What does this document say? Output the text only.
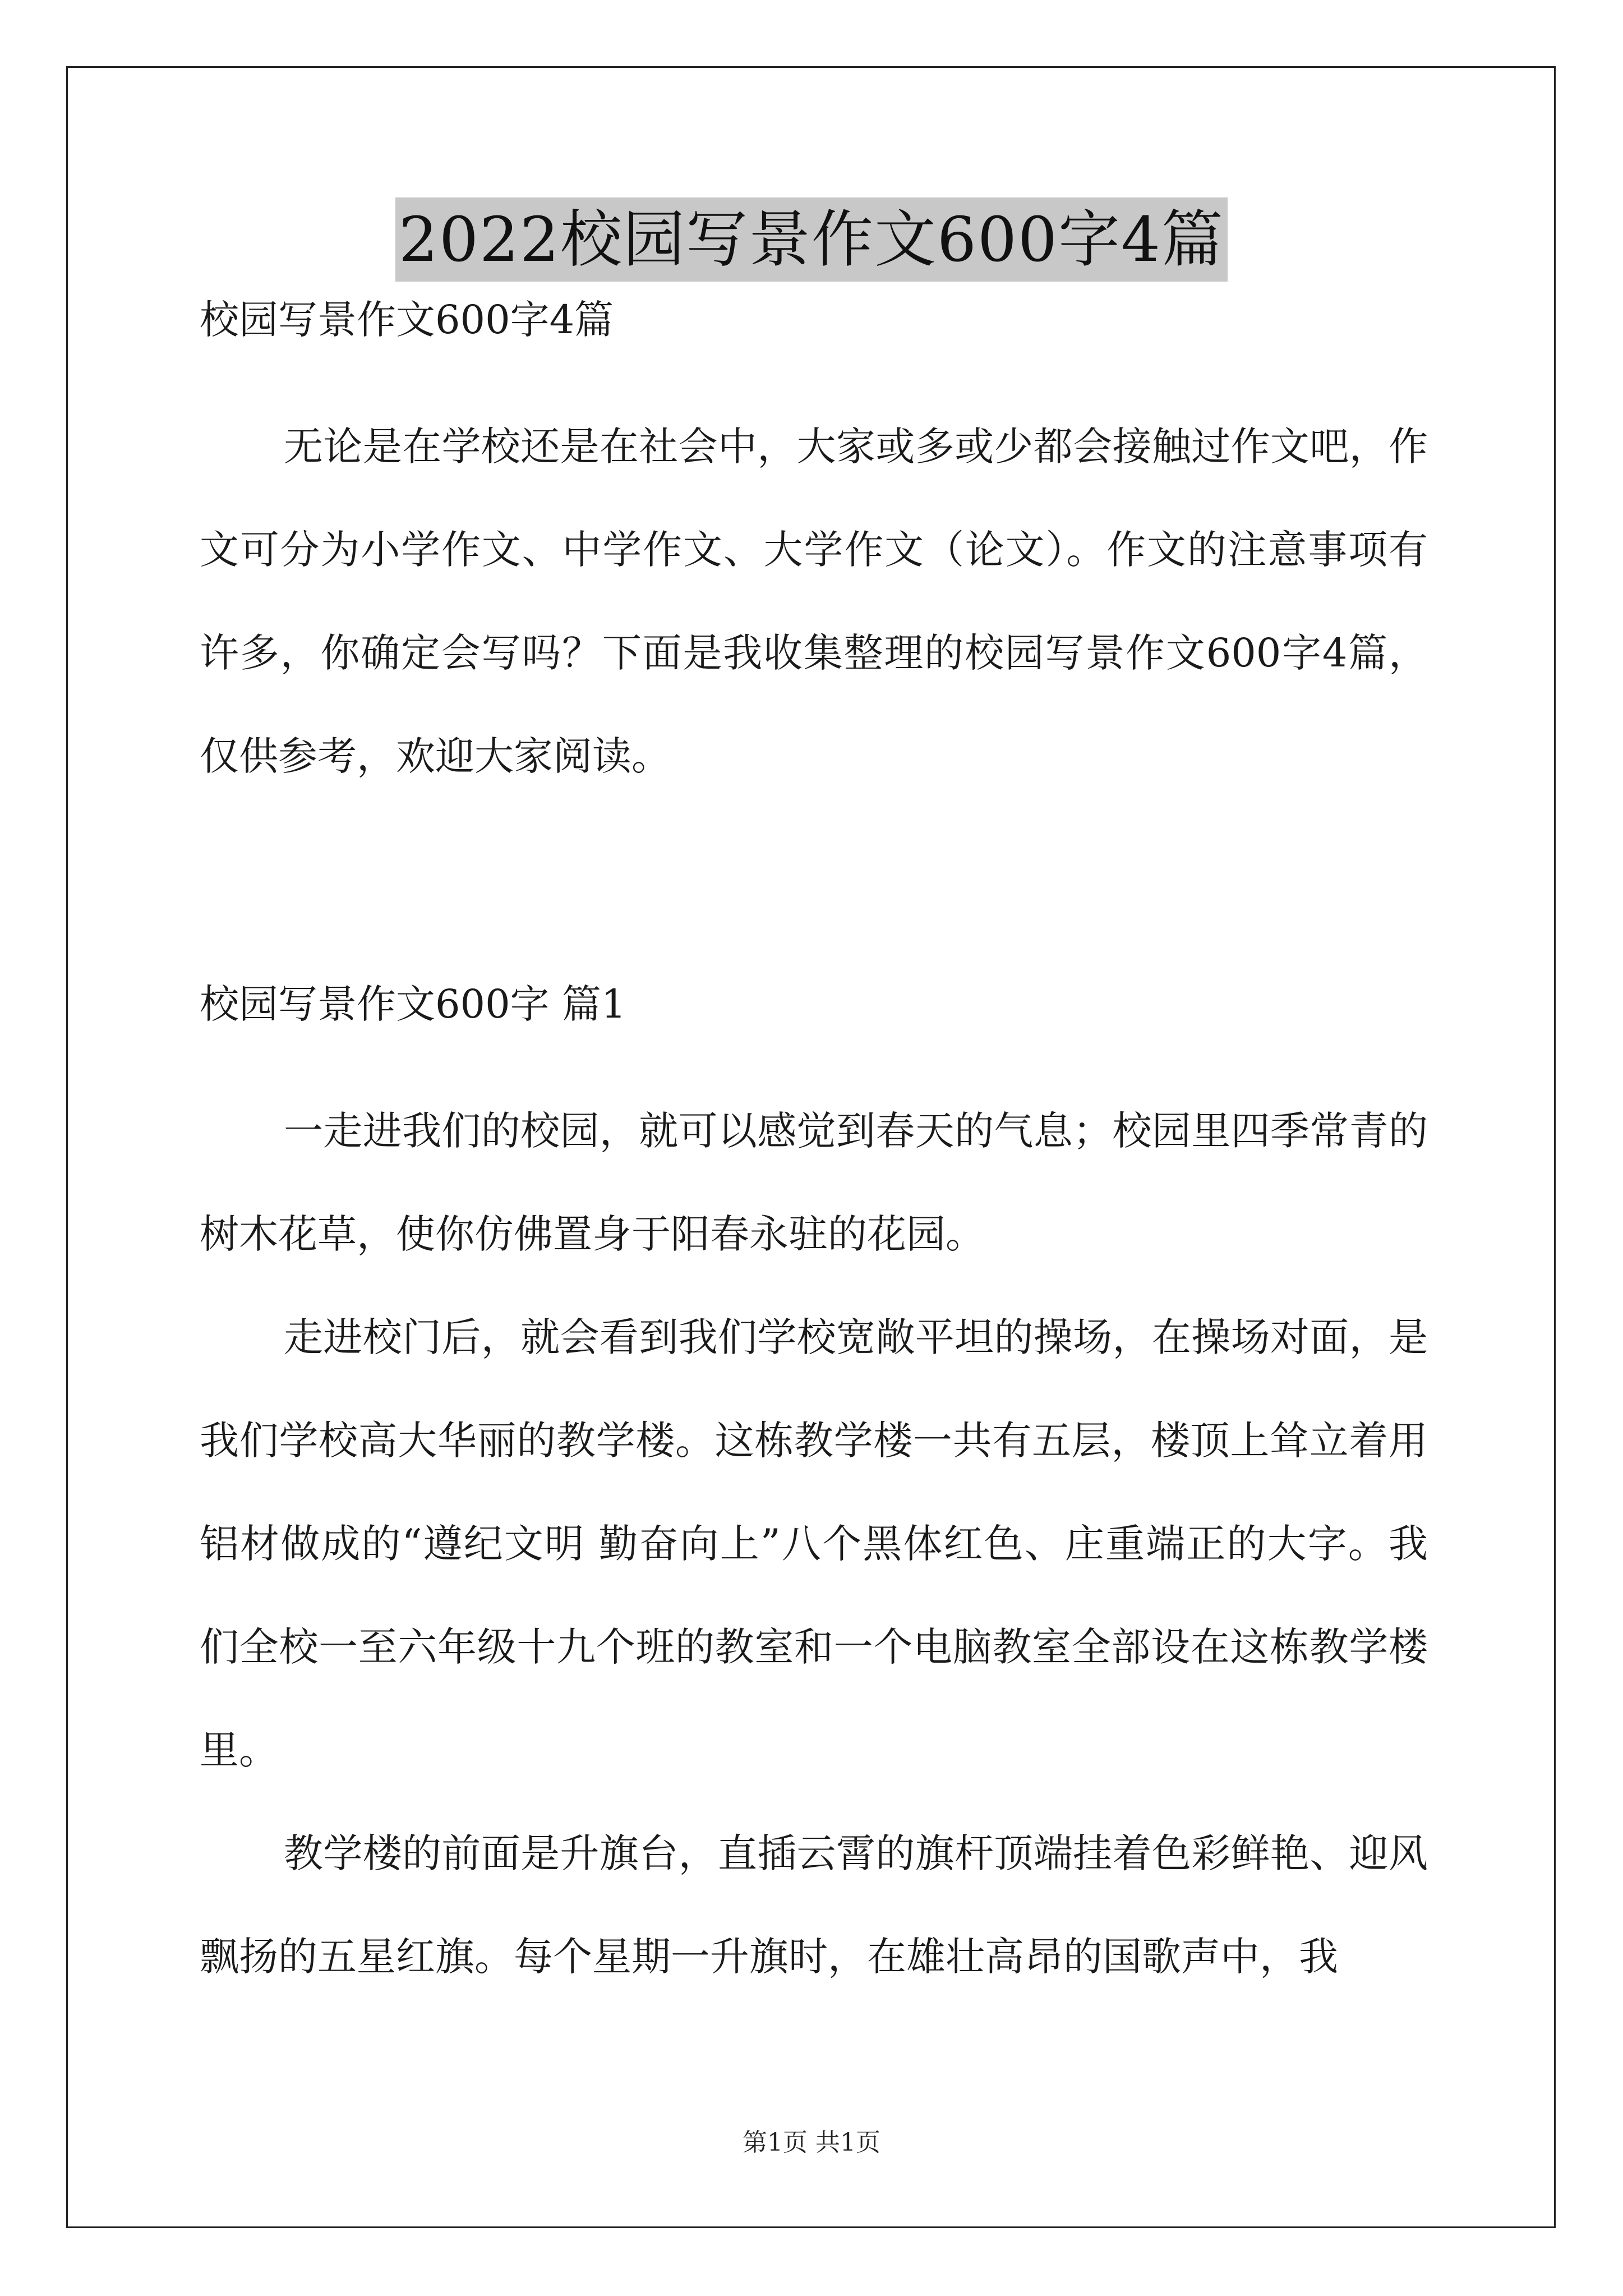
2022校园写景作文600字4篇

校园写景作文600字4篇

无论是在学校还是在社会中，大家或多或少都会接触过作文吧，作文可分为小学作文、中学作文、大学作文（论文）。作文的注意事项有许多，你确定会写吗？下面是我收集整理的校园写景作文600字4篇，仅供参考，欢迎大家阅读。

校园写景作文600字 篇1

一走进我们的校园，就可以感觉到春天的气息；校园里四季常青的树木花草，使你仿佛置身于阳春永驻的花园。

走进校门后，就会看到我们学校宽敞平坦的操场，在操场对面，是我们学校高大华丽的教学楼。这栋教学楼一共有五层，楼顶上耸立着用铝材做成的“遵纪文明 勤奋向上”八个黑体红色、庄重端正的大字。我们全校一至六年级十九个班的教室和一个电脑教室全部设在这栋教学楼里。

教学楼的前面是升旗台，直插云霄的旗杆顶端挂着色彩鲜艳、迎风飘扬的五星红旗。每个星期一升旗时，在雄壮高昂的国歌声中，我

第1页 共1页
